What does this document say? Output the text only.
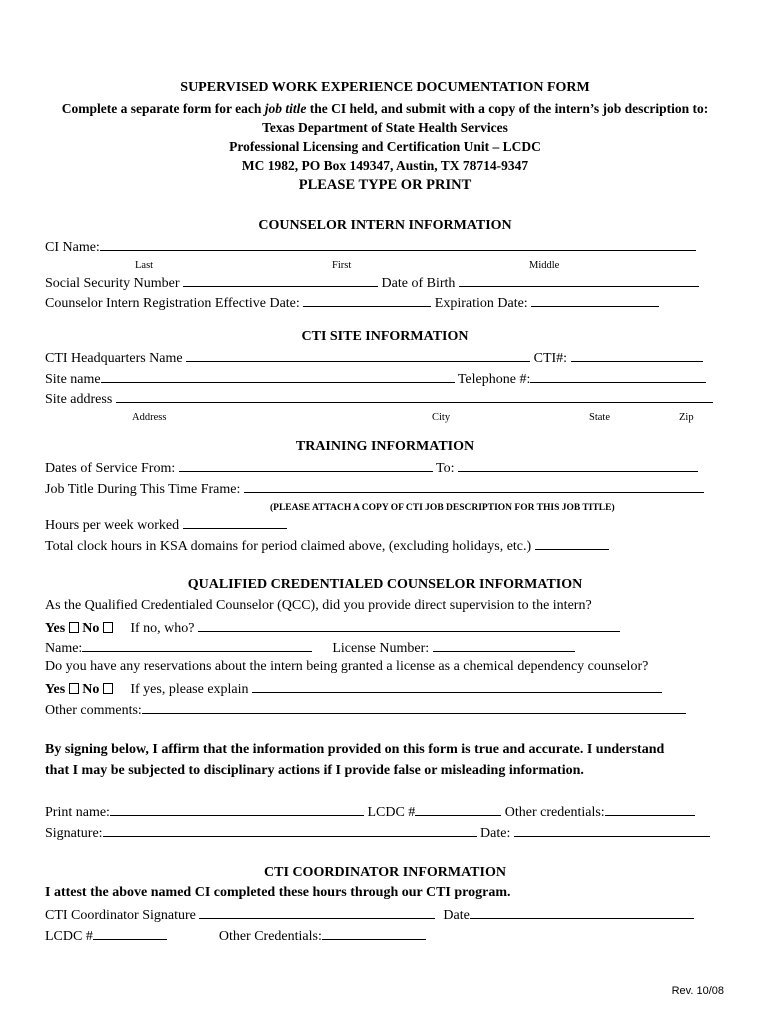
SUPERVISED WORK EXPERIENCE DOCUMENTATION FORM
Complete a separate form for each job title the CI held, and submit with a copy of the intern’s job description to:
Texas Department of State Health Services
Professional Licensing and Certification Unit – LCDC
MC 1982, PO Box 149347, Austin, TX 78714-9347
PLEASE TYPE OR PRINT
COUNSELOR INTERN INFORMATION
CI Name:
Last	First	Middle
Social Security Number	Date of Birth
Counselor Intern Registration Effective Date:	Expiration Date:
CTI SITE INFORMATION
CTI Headquarters Name	CTI#:
Site name	Telephone #:
Site address
Address	City	State	Zip
TRAINING INFORMATION
Dates of Service From:	To:
Job Title During This Time Frame:
(PLEASE ATTACH A COPY OF CTI JOB DESCRIPTION FOR THIS JOB TITLE)
Hours per week worked
Total clock hours in KSA domains for period claimed above, (excluding holidays, etc.)
QUALIFIED CREDENTIALED COUNSELOR INFORMATION
As the Qualified Credentialed Counselor (QCC), did you provide direct supervision to the intern?
Yes No If no, who?
Name:	License Number:
Do you have any reservations about the intern being granted a license as a chemical dependency counselor?
Yes No If yes, please explain
Other comments:
By signing below, I affirm that the information provided on this form is true and accurate. I understand
that I may be subjected to disciplinary actions if I provide false or misleading information.
Print name:	LCDC #	Other credentials:
Signature:	Date:
CTI COORDINATOR INFORMATION
I attest the above named CI completed these hours through our CTI program.
CTI Coordinator Signature	Date
LCDC #	Other Credentials:
Rev. 10/08
